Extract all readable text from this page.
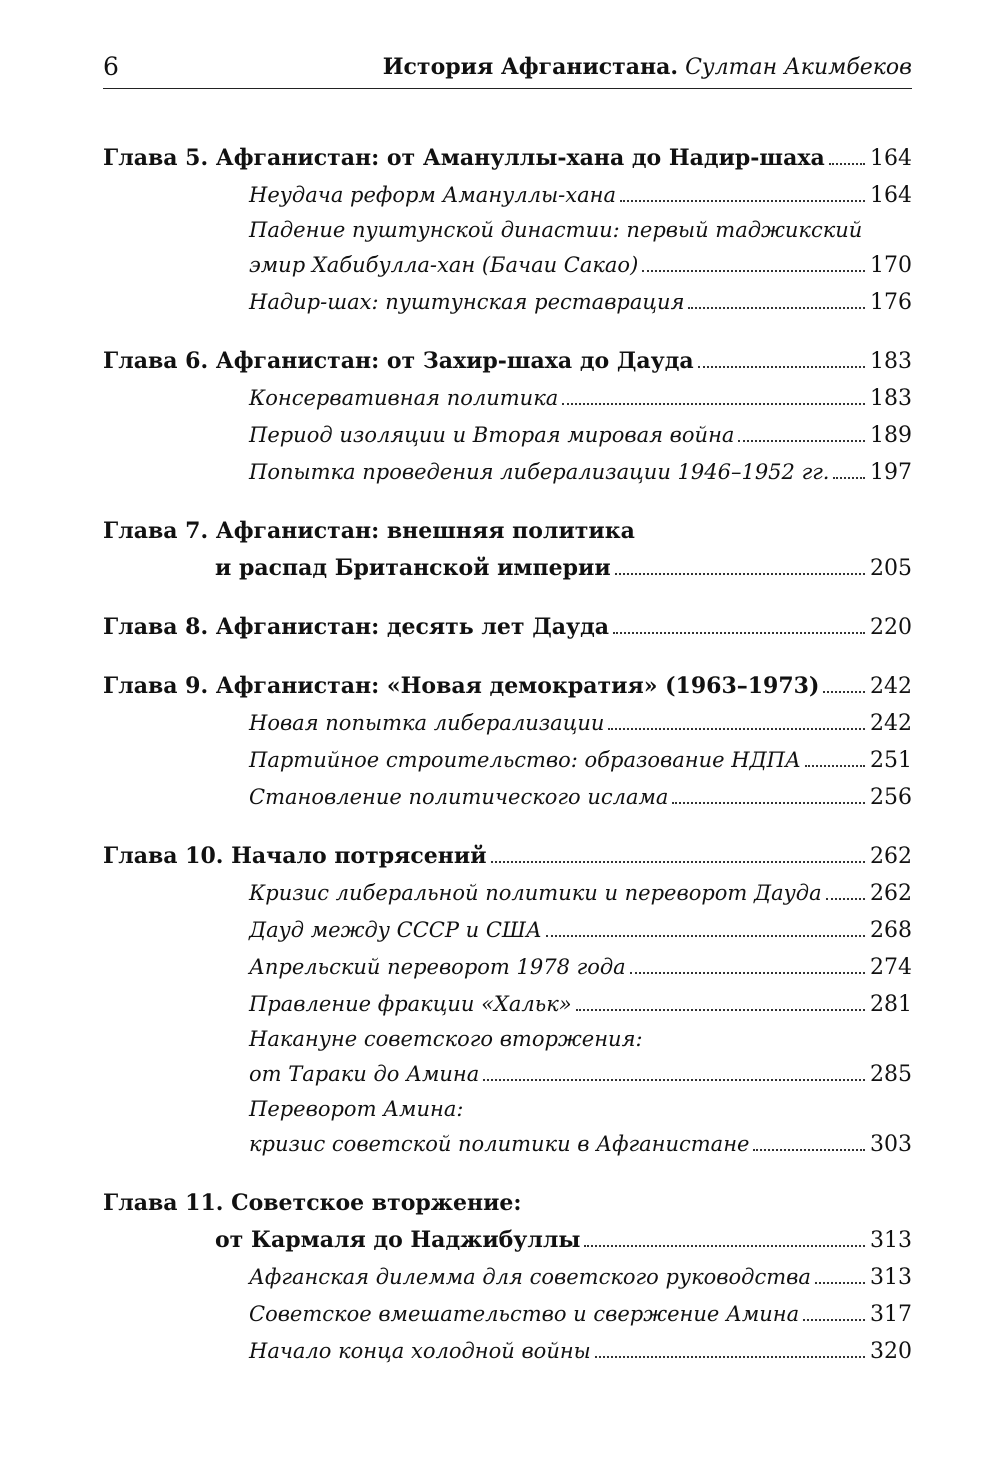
6	История Афганистана. Султан Акимбеков
Глава 5. Афганистан: от Амануллы-хана до Надир-шаха 164
Неудача реформ Амануллы-хана	164
Падение пуштунской династии: первый таджикский
эмир Хабибулла-хан (Бачаи Сакао)	170
Надир-шах: пуштунская реставрация	176
Глава 6. Афганистан: от Захир-шаха до Дауда	183
Консервативная политика	183
Период изоляции и Вторая мировая война	189
Попытка проведения либерализации 1946–1952 гг. 197
Глава 7. Афганистан: внешняя политика
и распад Британской империи	205
Глава 8. Афганистан: десять лет Дауда	220
Глава 9. Афганистан: «Новая демократия» (1963–1973) 242
Новая попытка либерализации	242
Партийное строительство: образование НДПА	251
Становление политического ислама	256
Глава 10. Начало потрясений	262
Кризис либеральной политики и переворот Дауда 262
Дауд между СССР и США	268
Апрельский переворот 1978 года	274
Правление фракции «Хальк»	281
Накануне советского вторжения:
от Тараки до Амина	285
Переворот Амина:
кризис советской политики в Афганистане	303
Глава 11. Советское вторжение:
от Кармаля до Наджибуллы	313
Афганская дилемма для советского руководства	313
Советское вмешательство и свержение Амина	317
Начало конца холодной войны	320
